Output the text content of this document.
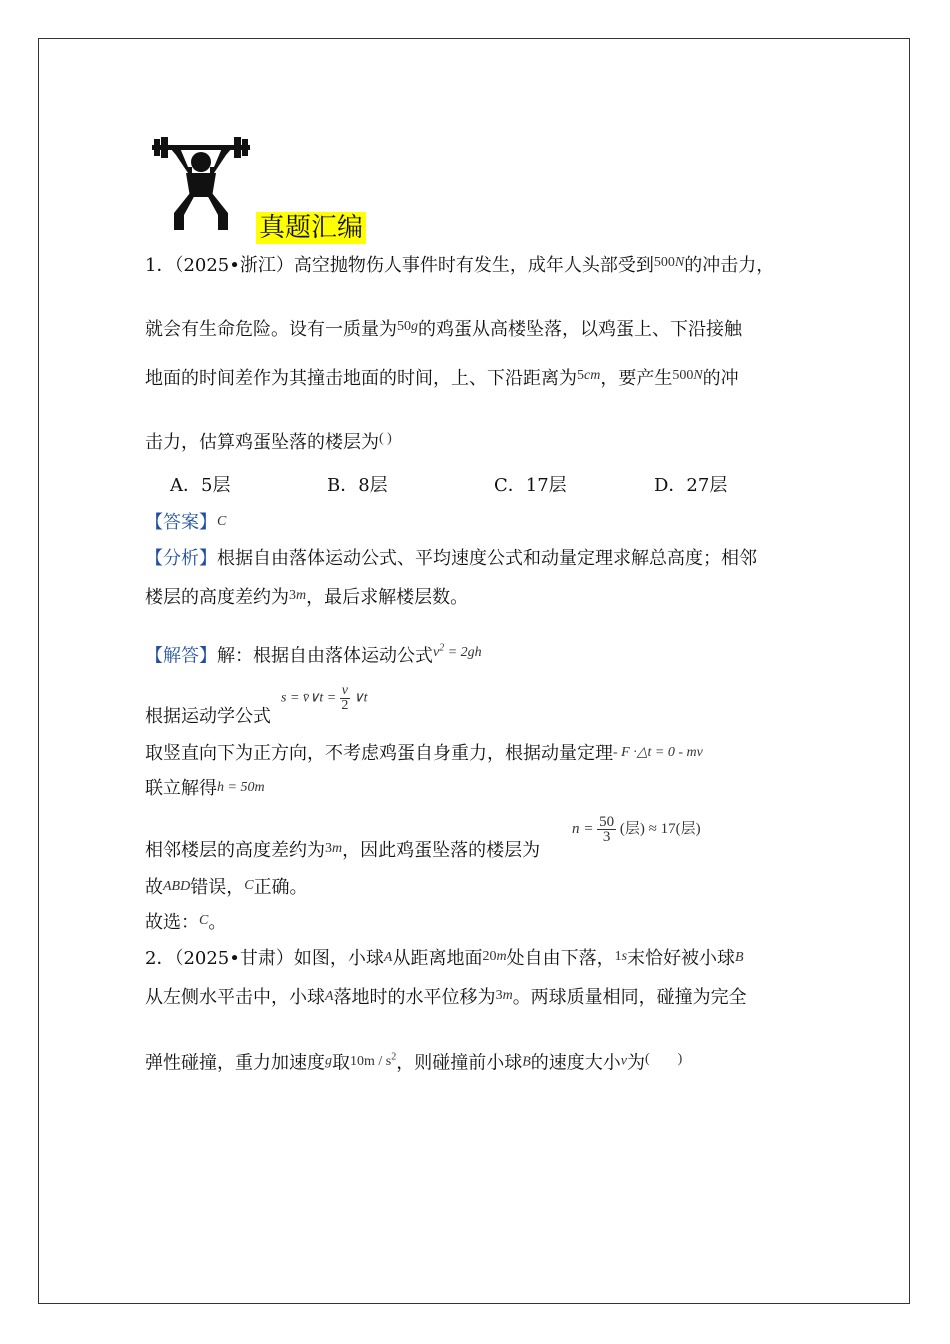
真题汇编
1．（2025•浙江）高空抛物伤人事件时有发生，成年人头部受到$^{500N}$的冲击力，
就会有生命危险。设有一质量为$^{50g}$的鸡蛋从高楼坠落，以鸡蛋上、下沿接触
地面的时间差作为其撞击地面的时间，上、下沿距离为$^{5cm}$，要产生$^{500N}$的冲
击力，估算鸡蛋坠落的楼层为( )
A．5层	B．8层	C．17层	D．27层
【答案】C
【分析】根据自由落体运动公式、平均速度公式和动量定理求解总高度；相邻
楼层的高度差约为$^{3m}$，最后求解楼层数。
【解答】解：根据自由落体运动公式$^{v^2 = 2gh}$
根据运动学公式
s = v̄∨t = $\frac{v}{2}$ ∨t
取竖直向下为正方向，不考虑鸡蛋自身重力，根据动量定理- F ·△t = 0 - mv
联立解得h = 50m
相邻楼层的高度差约为$^{3m}$，因此鸡蛋坠落的楼层为
$n = \frac{50}{3}$ (层) ≈ 17(层)
故ABD错误，$^C$正确。
故选：$^C$。
2．（2025•甘肃）如图，小球A从距离地面$^{20m}$处自由下落，$^{1s}$末恰好被小球B
从左侧水平击中，小球A落地时的水平位移为$^{3m}$。两球质量相同，碰撞为完全
弹性碰撞，重力加速度$^g$取$^{10m / s^2}$，则碰撞前小球B的速度大小$^v$为(        )
